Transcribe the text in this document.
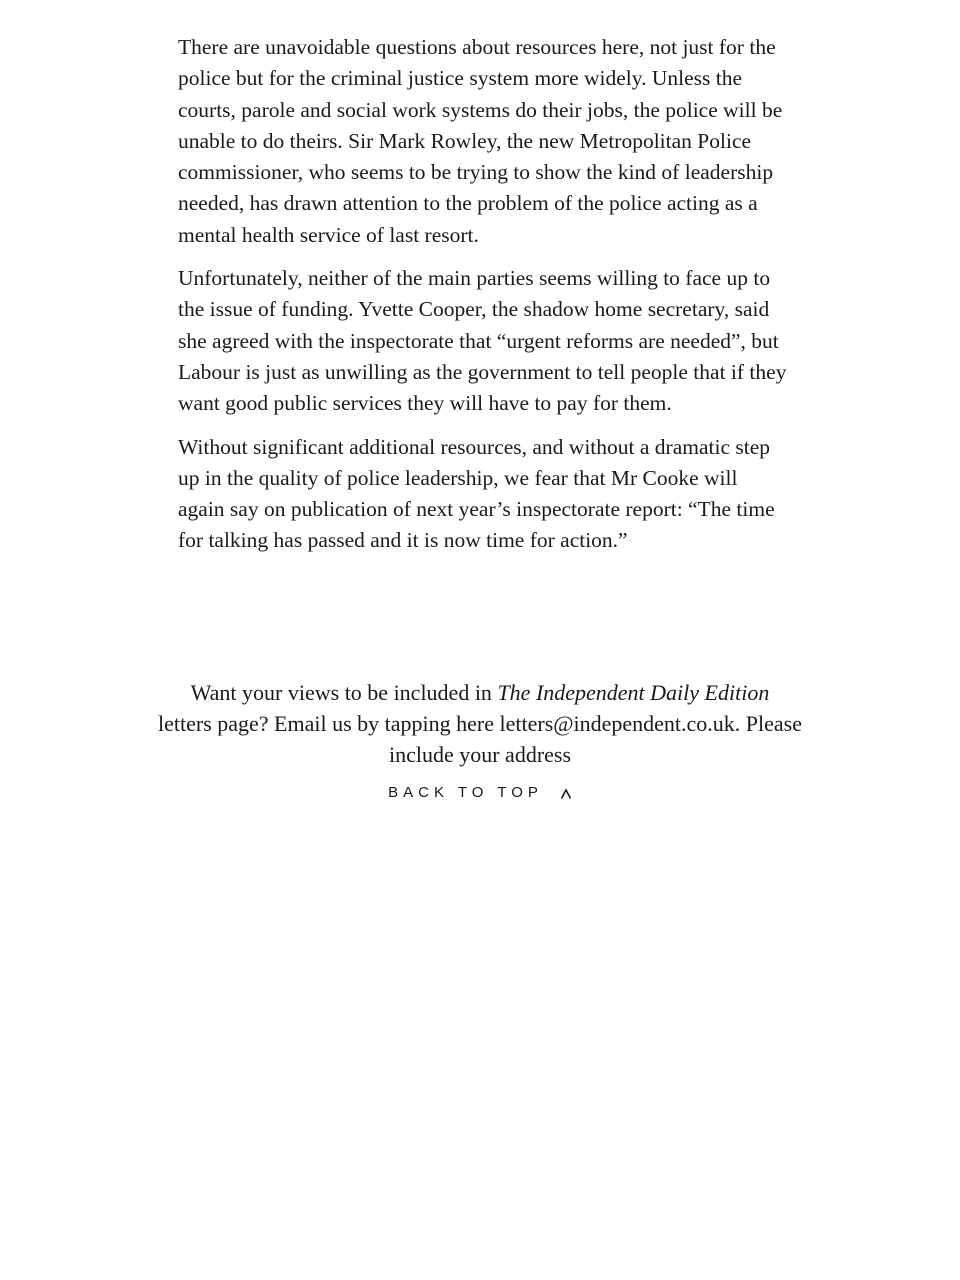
There are unavoidable questions about resources here, not just for the police but for the criminal justice system more widely. Unless the courts, parole and social work systems do their jobs, the police will be unable to do theirs. Sir Mark Rowley, the new Metropolitan Police commissioner, who seems to be trying to show the kind of leadership needed, has drawn attention to the problem of the police acting as a mental health service of last resort.

Unfortunately, neither of the main parties seems willing to face up to the issue of funding. Yvette Cooper, the shadow home secretary, said she agreed with the inspectorate that “urgent reforms are needed”, but Labour is just as unwilling as the government to tell people that if they want good public services they will have to pay for them.

Without significant additional resources, and without a dramatic step up in the quality of police leadership, we fear that Mr Cooke will again say on publication of next year’s inspectorate report: “The time for talking has passed and it is now time for action.”

Want your views to be included in The Independent Daily Edition
letters page? Email us by tapping here letters@independent.co.uk. Please include your address

BACK TO TOP
